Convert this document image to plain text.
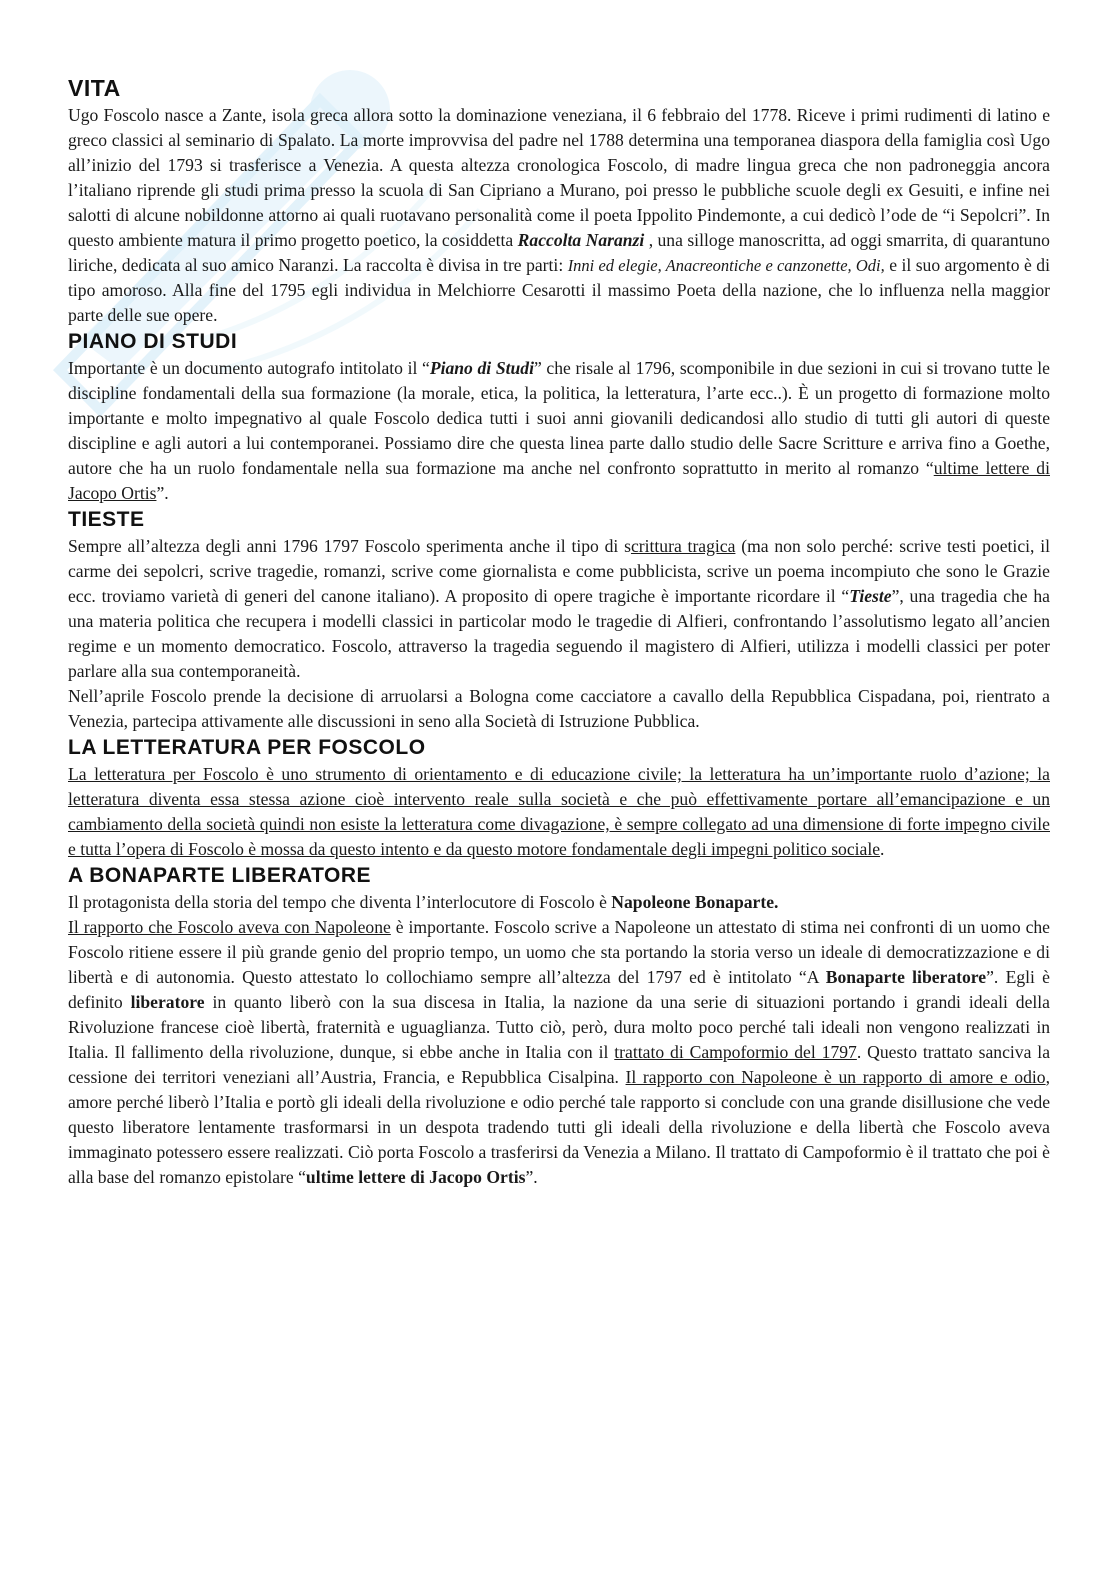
VITA

Ugo Foscolo nasce a Zante, isola greca allora sotto la dominazione veneziana, il 6 febbraio del 1778. Riceve i primi rudimenti di latino e greco classici al seminario di Spalato. La morte improvvisa del padre nel 1788 determina una temporanea diaspora della famiglia così Ugo all’inizio del 1793 si trasferisce a Venezia. A questa altezza cronologica Foscolo, di madre lingua greca che non padroneggia ancora l’italiano riprende gli studi prima presso la scuola di San Cipriano a Murano, poi presso le pubbliche scuole degli ex Gesuiti, e infine nei salotti di alcune nobildonne attorno ai quali ruotavano personalità come il poeta Ippolito Pindemonte, a cui dedicò l’ode de “i Sepolcri”. In questo ambiente matura il primo progetto poetico, la cosiddetta Raccolta Naranzi , una silloge manoscritta, ad oggi smarrita, di quarantuno liriche, dedicata al suo amico Naranzi. La raccolta è divisa in tre parti: Inni ed elegie, Anacreontiche e canzonette, Odi, e il suo argomento è di tipo amoroso. Alla fine del 1795 egli individua in Melchiorre Cesarotti il massimo Poeta della nazione, che lo influenza nella maggior parte delle sue opere.

PIANO DI STUDI

Importante è un documento autografo intitolato il “Piano di Studi” che risale al 1796, scomponibile in due sezioni in cui si trovano tutte le discipline fondamentali della sua formazione (la morale, etica, la politica, la letteratura, l’arte ecc..). È un progetto di formazione molto importante e molto impegnativo al quale Foscolo dedica tutti i suoi anni giovanili dedicandosi allo studio di tutti gli autori di queste discipline e agli autori a lui contemporanei. Possiamo dire che questa linea parte dallo studio delle Sacre Scritture e arriva fino a Goethe, autore che ha un ruolo fondamentale nella sua formazione ma anche nel confronto soprattutto in merito al romanzo “ultime lettere di Jacopo Ortis”.

TIESTE

Sempre all’altezza degli anni 1796 1797 Foscolo sperimenta anche il tipo di scrittura tragica (ma non solo perché: scrive testi poetici, il carme dei sepolcri, scrive tragedie, romanzi, scrive come giornalista e come pubblicista, scrive un poema incompiuto che sono le Grazie ecc. troviamo varietà di generi del canone italiano). A proposito di opere tragiche è importante ricordare il “Tieste”, una tragedia che ha una materia politica che recupera i modelli classici in particolar modo le tragedie di Alfieri, confrontando l’assolutismo legato all’ancien regime e un momento democratico. Foscolo, attraverso la tragedia seguendo il magistero di Alfieri, utilizza i modelli classici per poter parlare alla sua contemporaneità.

Nell’aprile Foscolo prende la decisione di arruolarsi a Bologna come cacciatore a cavallo della Repubblica Cispadana, poi, rientrato a Venezia, partecipa attivamente alle discussioni in seno alla Società di Istruzione Pubblica.

LA LETTERATURA PER FOSCOLO

La letteratura per Foscolo è uno strumento di orientamento e di educazione civile; la letteratura ha un’importante ruolo d’azione; la letteratura diventa essa stessa azione cioè intervento reale sulla società e che può effettivamente portare all’emancipazione e un cambiamento della società quindi non esiste la letteratura come divagazione, è sempre collegato ad una dimensione di forte impegno civile e tutta l’opera di Foscolo è mossa da questo intento e da questo motore fondamentale degli impegni politico sociale.

A BONAPARTE LIBERATORE

Il protagonista della storia del tempo che diventa l’interlocutore di Foscolo è Napoleone Bonaparte.
Il rapporto che Foscolo aveva con Napoleone è importante. Foscolo scrive a Napoleone un attestato di stima nei confronti di un uomo che Foscolo ritiene essere il più grande genio del proprio tempo, un uomo che sta portando la storia verso un ideale di democratizzazione e di libertà e di autonomia. Questo attestato lo collochiamo sempre all’altezza del 1797 ed è intitolato “A Bonaparte liberatore”. Egli è definito liberatore in quanto liberò con la sua discesa in Italia, la nazione da una serie di situazioni portando i grandi ideali della Rivoluzione francese cioè libertà, fraternità e uguaglianza. Tutto ciò, però, dura molto poco perché tali ideali non vengono realizzati in Italia. Il fallimento della rivoluzione, dunque, si ebbe anche in Italia con il trattato di Campoformio del 1797. Questo trattato sanciva la cessione dei territori veneziani all’Austria, Francia, e Repubblica Cisalpina. Il rapporto con Napoleone è un rapporto di amore e odio, amore perché liberò l’Italia e portò gli ideali della rivoluzione e odio perché tale rapporto si conclude con una grande disillusione che vede questo liberatore lentamente trasformarsi in un despota tradendo tutti gli ideali della rivoluzione e della libertà che Foscolo aveva immaginato potessero essere realizzati. Ciò porta Foscolo a trasferirsi da Venezia a Milano. Il trattato di Campoformio è il trattato che poi è alla base del romanzo epistolare “ultime lettere di Jacopo Ortis”.
